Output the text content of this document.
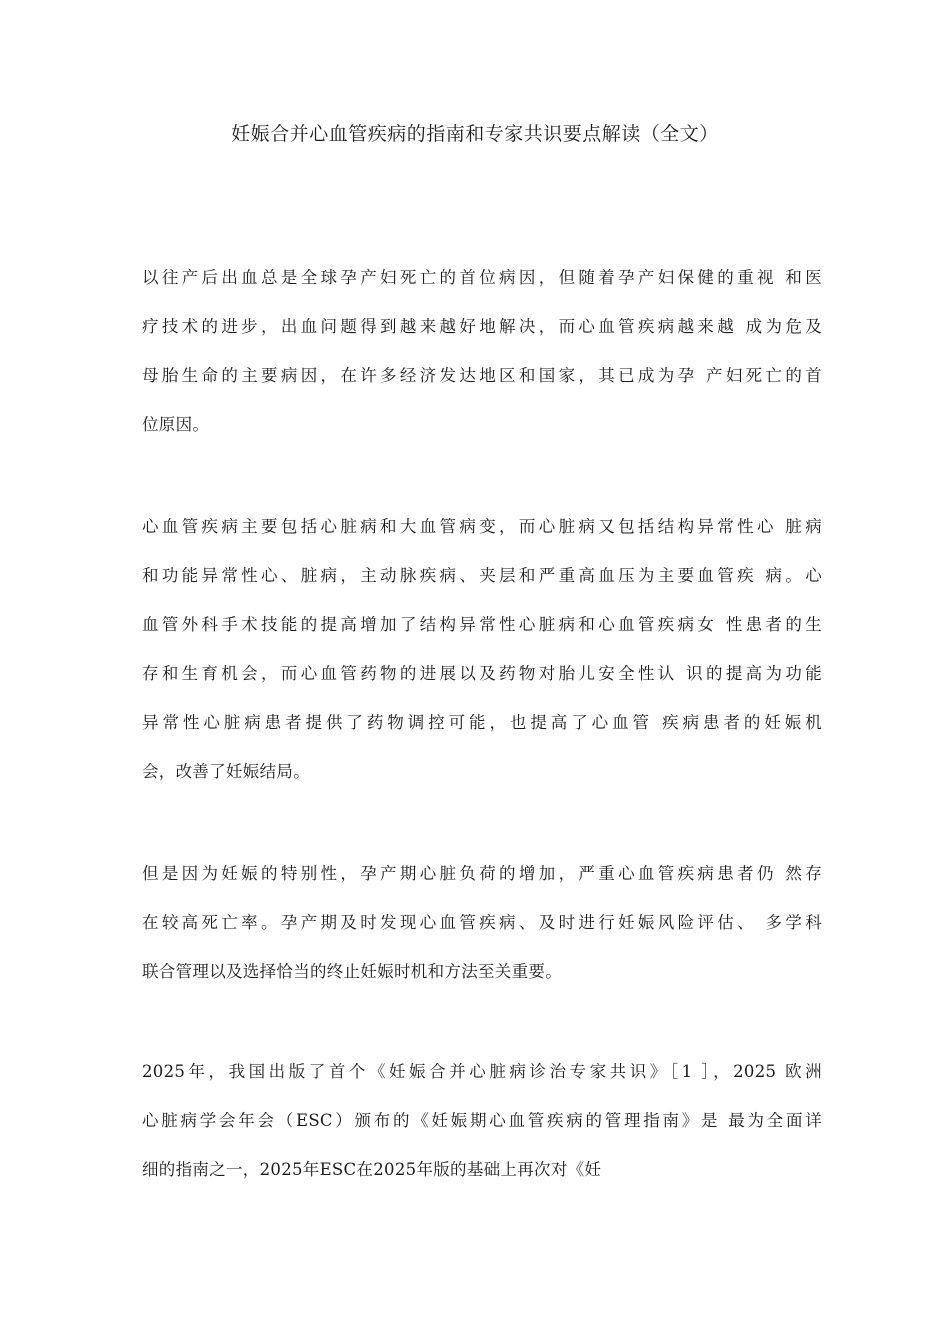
妊娠合并心血管疾病的指南和专家共识要点解读（全文）
以往产后出血总是全球孕产妇死亡的首位病因，但随着孕产妇保健的重视 和医
疗技术的进步，出血问题得到越来越好地解决，而心血管疾病越来越 成为危及
母胎生命的主要病因，在许多经济发达地区和国家，其已成为孕 产妇死亡的首
位原因。
心血管疾病主要包括心脏病和大血管病变，而心脏病又包括结构异常性心 脏病
和功能异常性心、脏病，主动脉疾病、夹层和严重高血压为主要血管疾 病。心
血管外科手术技能的提高增加了结构异常性心脏病和心血管疾病女 性患者的生
存和生育机会，而心血管药物的进展以及药物对胎儿安全性认 识的提高为功能
异常性心脏病患者提供了药物调控可能，也提高了心血管 疾病患者的妊娠机
会，改善了妊娠结局。
但是因为妊娠的特别性，孕产期心脏负荷的增加，严重心血管疾病患者仍 然存
在较高死亡率。孕产期及时发现心血管疾病、及时进行妊娠风险评估、 多学科
联合管理以及选择恰当的终止妊娠时机和方法至关重要。
2025年，我国出版了首个《妊娠合并心脏病诊治专家共识》［1 ］，2025 欧洲
心脏病学会年会（ESC）颁布的《妊娠期心血管疾病的管理指南》是 最为全面详
细的指南之一，2025年ESC在2025年版的基础上再次对《妊
